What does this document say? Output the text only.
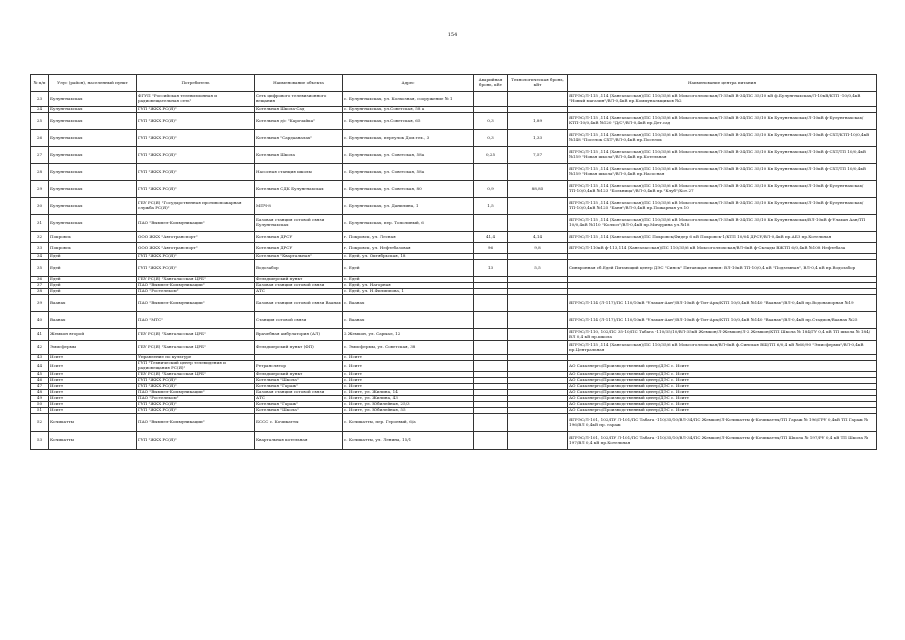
154
№ п/п	Улус (район), населенный пункт	Потребитель	Наименование объекта	Адрес	Аварийная бронь, кВт	Технологическая бронь, кВт	Наименование центра питания
23	Булунгнахсках	ФГУП "Российская телевизионная и радиовещательная сеть"	Сеть цифрового телевизионного вещания	с. Булунгнахсках, ул. Колхозная, сооружение № 1			ЯГРЭС/Л-115 ,114 (Хангаласская)/ПС 110/35/6 кВ Моксоголлохская/Л-35кВ В-34/ПС 35/10 кВ ф.Булунгнахсках/Л-10кВ/КТП -10/0,4кВ "Новый магазин"/ВЛ-0,4кВ пр.Коммунальщиков №2
24	Булунгнахсках	ГУП "ЖКХ РС(Я)"	Котельная Школа-Сад	с. Булунгнахсках, ул.Советская, 58 а			
25	Булунгнахсках	ГУП "ЖКХ РС(Я)"	Котельная д/с "Карочайка"	с. Булунгнахсках, ул.Советская, 65	0,3	1,89	ЯГРЭС/Л-115 ,114 (Хангаласская)/ПС 110/35/6 кВ Моксоголлохская/Л-35кВ В-34/ПС 35/10 Кв Булунгнахсках/Л-10кВ ф-Булунгнахсках/КТП-10/0,4кВ №120 "Д/С"/ВЛ-0,4кВ пр.Дет.сад
26	Булунгнахсках	ГУП "ЖКХ РС(Я)"	Котельная "Сардааналах"	с. Булунгнахсках, переулок Дом.тех., 3	0,3	1,33	ЯГРЭС/Л-115 ,114 (Хангаласская)/ПС 110/35/6 кВ Моксоголлохская/Л-35кВ В-34/ПС 35/10 Кв Булунгнахсках/Л-10кВ ф-СХТ/КТП-10/0,4кВ №148 "Поселок СХТ"/ВЛ-0,4кВ пр.Поселок
27	Булунгнахсках	ГУП "ЖКХ РС(Я)"	Котельная Школа	с. Булунгнахсках, ул. Советская, 58а	0,25	7,57	ЯГРЭС/Л-115 ,114 (Хангаласская)/ПС 110/35/6 кВ Моксоголлохская/Л-35кВ В-34/ПС 35/10 Кв Булунгнахсках/Л-10кВ ф-СХТ/ТП 10/0,4кВ №159 "Новая школа"/ВЛ-0,4кВ пр.Котельная
28	Булунгнахсках	ГУП "ЖКХ РС(Я)"	Насосная станция школы	с. Булунгнахсках, ул. Советская, 58а			ЯГРЭС/Л-115 ,114 (Хангаласская)/ПС 110/35/6 кВ Моксоголлохская/Л-35кВ В-34/ПС 35/10 Кв Булунгнахсках/Л-10кВ ф-СХТ/ТП 10/0,4кВ №159 "Новая школа"/ВЛ-0,4кВ пр.Насосная
29	Булунгнахсках	ГУП "ЖКХ РС(Я)"	Котельная СДК Булунгнахсках	с. Булунгнахсках, ул. Советская, 80	0,9	88,85	ЯГРЭС/Л-115 ,114 (Хангаласская)/ПС 110/35/6 кВ Моксоголлохская/Л-35кВ В-34/ПС 35/10 Кв Булунгнахсках/Л-10кВ ф-Булунгнахсках/ТП-10/0,4кВ №123 "Больница"/ВЛ-0,4кВ пр."Клуб"/Кот.27
30	Булунгнахсках	ГБУ РС(Я) "Государственная противопожарная служба РС(Я)"	МПЧ-8	с. Булунгнахсках, ул. Данилина, 1	1,5		ЯГРЭС/Л-115 ,114 (Хангаласская)/ПС 110/35/6 кВ Моксоголлохская/Л-35кВ В-34/ПС 35/10 Кв Булунгнахсках/Л-10кВ ф-Булунгнахсках/ТП-10/0,4кВ №125 "Баня"/ВЛ-0,4кВ пр.Пожарная ул.10
31	Булунгнахсках	ПАО "Вымпел-Коммуникации"	Базовая станция сотовой связи Булунгнахсках	с. Булунгнахсках, пер. Тополиный, 6			ЯГРЭС/Л-115 ,114 (Хангаласская)/ПС 110/35/6 кВ Моксоголлохская/Л-35кВ В-34/ПС 35/10 Кв Булунгнахсках/ВЛ-10кВ ф-Улахан Аан/ТП 10/0,4кВ №110 "Колхоз"/ВЛ-0,4кВ пр.Мичурина ул.№18
32	Покровск	ООО ЖКХ "Автотранспорт"	Котельная ДРСУ	г. Покровск, ул. Лесная	41,4	4,14	ЯГРЭС/Л-115 ,114 (Хангаласская)/ПС Покровск/Фидер 6 кВ Покровск-1/КТП 10/04 ДРСУ/ВЛ-0,4кВ пр.АБЗ пр.Котельная
33	Покровск	ООО ЖКХ "Автотранспорт"	Котельная ДРСУ	г. Покровск, ул. Нефтебазовая	96	9,8	ЯГРЭС/Л-110кВ ф-113,114 (Хангаласская)/ПС 110/35/6 кВ Моксоголлохская/ВЛ-6кВ ф-Склады ВЖТП 6/0,4кВ №108 Нефтебаза
34	Едей	ГУП "ЖКХ РС(Я)"	Котельная "Квартальная"	с. Едей, ул. Октябрьская, 18			
35	Едей	ГУП "ЖКХ РС(Я)"	Водозабор	с. Едей	13	5,5	Синхронная сб.Едей Питающий центр ДЭС "Синск" Питающая линия: ВЛ-10кВ ТП-10/0,4 кВ "Подземная", ВЛ-0,4 кВ пр.Водозабор
36	Едей	ГБУ РС(Я) "Хангаласская ЦРБ"	Фельдшерский пункт	с. Едей			
37	Едей	ПАО "Вымпел-Коммуникации"	Базовая станция сотовой связи	с. Едей, ул. Нагорная			
38	Едей	ПАО "Ростелеком"	АТС	с. Едей, ул. Н.Филиппова, 1			
39	Ваанах	ПАО "Вымпел-Коммуникации"	Базовая станция сотовой связи Ваанах	с. Ваанах			ЯГРЭС/Л-114 (Л-117)/ПС 110/10кВ "Улахан-Аан"/ВЛ-10кВ ф-Тит-Ары/КТП 10/0,4кВ №140 "Ваанах"/ВЛ-0,4кВ пр.Водонапорная №19
40	Ваанах	ПАО "МТС"	Станция сотовой связи	с. Ваанах			ЯГРЭС/Л-114 (Л-117)/ПС 110/10кВ "Улахан-Аан"/ВЛ-10кВ ф-Тит-Ары/КТП 10/0,4кВ №140 "Ваанах"/ВЛ-0,4кВ пр.Стадион/Ваанах №25
41	Жемкон второй	ГБУ РС(Я) "Хангаласская ЦРБ"	Врачебная амбулатория (АЛ)	2 Жемкон, ул. Сарыал, 12			ЯГРЭС/Л-110, 102/ПС 35-10/ПС Табага -110/35/10/ВЛ-35кВ Жемкон/Л-Жемкон/Л-2 Жемкон/КТП Школа № 184/ГУ 0,4 кВ ТП школа № 184/ВЛ 0,4 кВ пр.школа
42	Эмисфермы	ГБУ РС(Я) "Хангаласская ЦРБ"	Фельдшерский пункт (ФП)	с. Эмисфермы, ул. Советская, 38			ЯГРЭС/Л-115 ,114 (Хангаласская)/ПС 110/35/6 кВ Моксоголлохская/ВЛ-6кВ ф.Синская ВШ/ТП 6/0,4 кВ №60/90 "Эмисфермы"/ВЛ-0,4кВ пр.Центральная
43	Иситт	Управление по культуре		с. Иситт			
44	Иситт	ГУП "Технический центр телевидения и радиовещания РС(Я)"	Ретранслятор	с. Иситт			АО Сахаэнерго/Производственный центр/ДЭС с. Иситт
45	Иситт	ГБУ РС(Я) "Хангаласская ЦРБ"	Фельдшерский пункт	с. Иситт			АО Сахаэнерго/Производственный центр/ДЭС с. Иситт
46	Иситт	ГУП "ЖКХ РС(Я)"	Котельная "Школа"	с. Иситт			АО Сахаэнерго/Производственный центр/ДЭС с. Иситт
47	Иситт	ГУП "ЖКХ РС(Я)"	Котельная "Гараж"	с. Иситт			АО Сахаэнерго/Производственный центр/ДЭС с. Иситт
48	Иситт	ПАО "Вымпел-Коммуникации"	Базовая станция сотовой связи	с. Иситт, ул. Жилина, 14			АО Сахаэнерго/Производственный центр/ДЭС с. Иситт
49	Иситт	ПАО "Ростелеком"	АТС	с. Иситт, ул. Жилина, 43			АО Сахаэнерго/Производственный центр/ДЭС с. Иситт
50	Иситт	ГУП "ЖКХ РС(Я)"	Котельная "Гараж"	с. Иситт, ул. Юбилейная, 25/3			АО Сахаэнерго/Производственный центр/ДЭС с. Иситт
51	Иситт	ГУП "ЖКХ РС(Я)"	Котельная "Школа"	с. Иситт, ул. Юбилейная, 55			АО Сахаэнерго/Производственный центр/ДЭС с. Иситт
52	Кочикатты	ПАО "Вымпел-Коммуникации"	БССС с. Кочикатты	с. Кочикатты, пер. Героевый, 6/а			ЯГРЭС/Л-101, 102/ПУ Л-101/ПС Табага -110/35/10/ВЛ-34/ПС Жемкон/Л-Кочикатты ф-Кочикатты/ТП Гараж № 196/ГРУ 0,4кВ ТП Гараж № 196/ВЛ 0,4кВ пр. гараж
53	Кочикатты	ГУП "ЖКХ РС(Я)"	Квартальная котельная	с. Кочикатты, ул. Ленина, 15/1			ЯГРЭС/Л-101, 102/ПУ Л-101/ПС Табага -110/35/10/ВЛ-34/ПС Жемкон/Л-Кочикатты ф-Кочикатты/ТП Школа № 197/РУ 0,4 кВ ТП Школа № 197/ВЛ 0,4 кВ пр.Котельная
